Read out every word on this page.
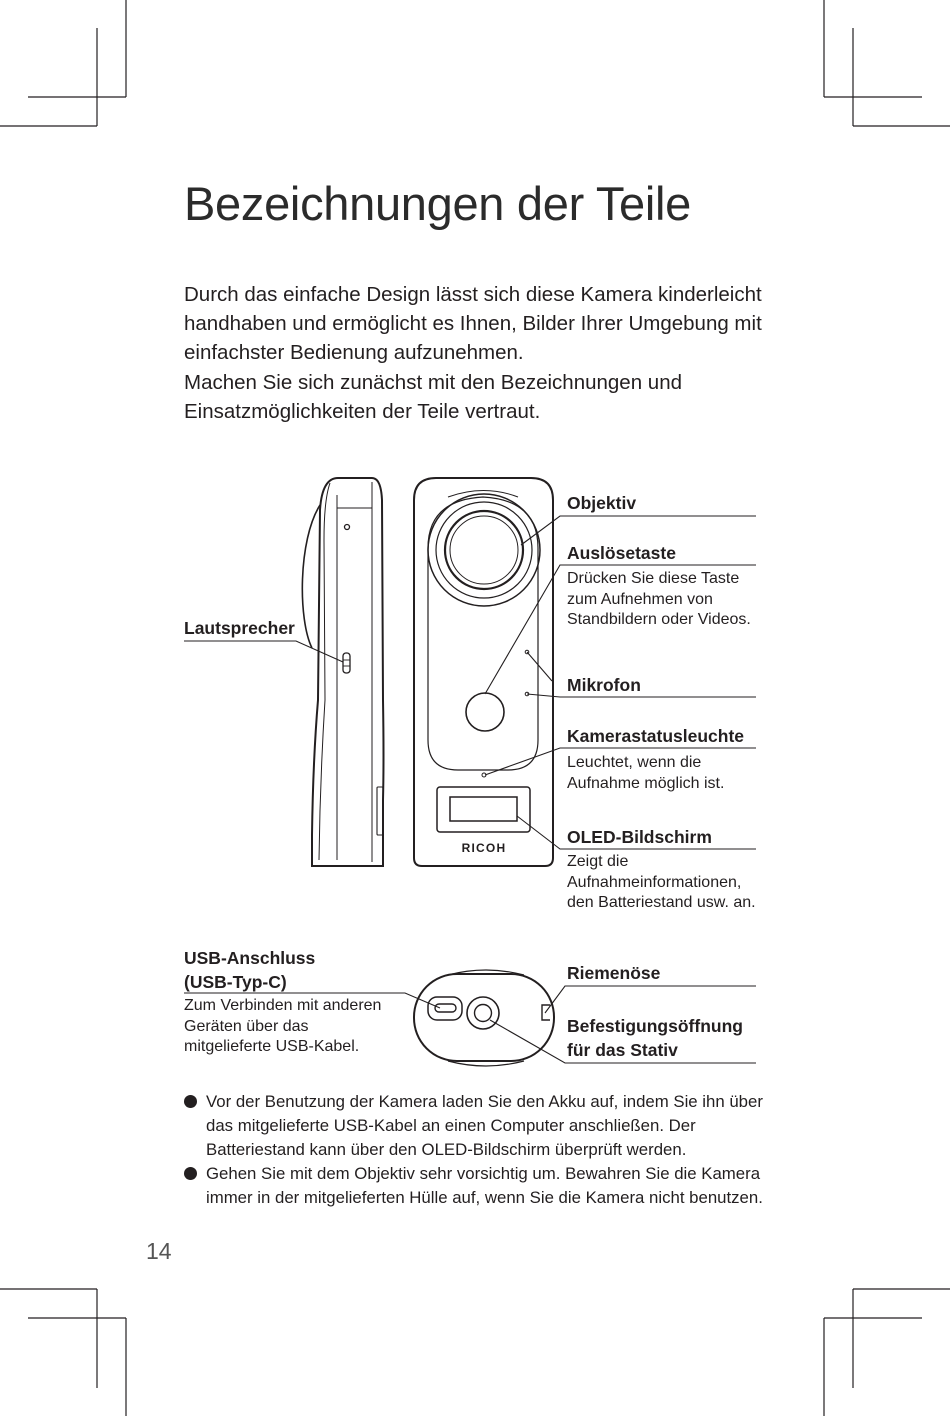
RICOH
Bezeichnungen der Teile

Durch das einfache Design lässt sich diese Kamera kinderleicht handhaben und ermöglicht es Ihnen, Bilder Ihrer Umgebung mit einfachster Bedienung aufzunehmen.

Machen Sie sich zunächst mit den Bezeichnungen und Einsatzmöglichkeiten der Teile vertraut.

Lautsprecher
Objektiv
Auslösetaste
Drücken Sie diese Taste zum Aufnehmen von Standbildern oder Videos.
Mikrofon
Kamerastatusleuchte
Leuchtet, wenn die Aufnahme möglich ist.
OLED-Bildschirm
Zeigt die Aufnahmeinformationen, den Batteriestand usw. an.
USB-Anschluss
(USB-Typ-C)
Zum Verbinden mit anderen Geräten über das mitgelieferte USB-Kabel.
Riemenöse
Befestigungsöffnung
für das Stativ
Vor der Benutzung der Kamera laden Sie den Akku auf, indem Sie ihn über das mitgelieferte USB-Kabel an einen Computer anschließen. Der Batteriestand kann über den OLED-Bildschirm überprüft werden.
Gehen Sie mit dem Objektiv sehr vorsichtig um. Bewahren Sie die Kamera immer in der mitgelieferten Hülle auf, wenn Sie die Kamera nicht benutzen.
14
